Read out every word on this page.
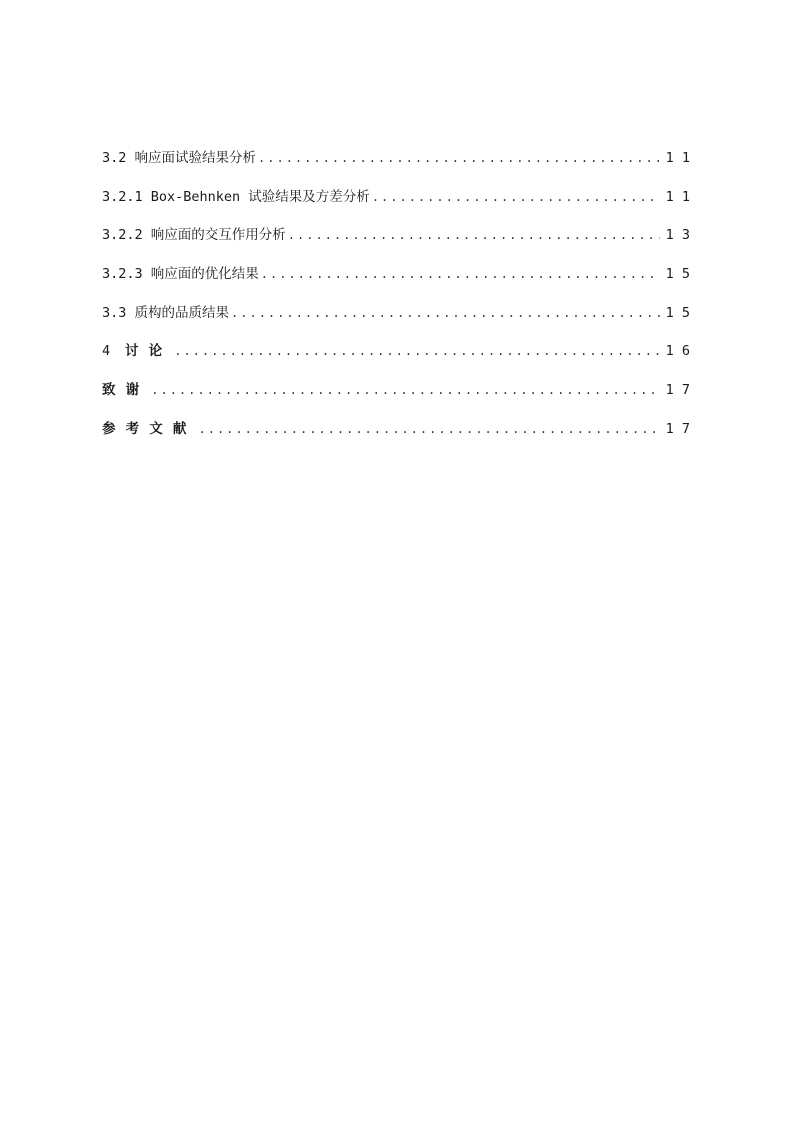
3.2 响应面试验结果分析 .....	11
3.2.1 Box-Behnken 试验结果及方差分析 .....	11
3.2.2 响应面的交互作用分析 .....	13
3.2.3 响应面的优化结果 .....	15
3.3 质构的品质结果 .....	15
4 讨论 .....	16
致谢 .....	17
参考文献 .....	17
